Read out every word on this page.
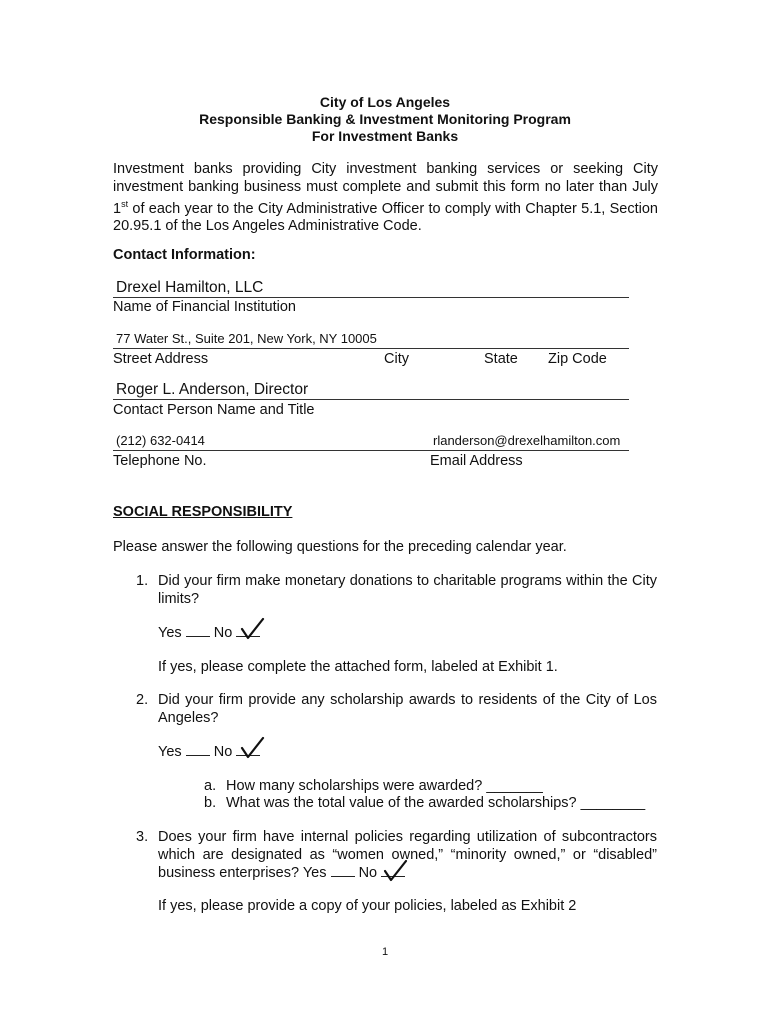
City of Los Angeles
Responsible Banking & Investment Monitoring Program
For Investment Banks
Investment banks providing City investment banking services or seeking City investment banking business must complete and submit this form no later than July 1st of each year to the City Administrative Officer to comply with Chapter 5.1, Section 20.95.1 of the Los Angeles Administrative Code.
Contact Information:
Drexel Hamilton, LLC
Name of Financial Institution
77 Water St., Suite 201, New York, NY 10005
Street Address	City	State Zip Code
Roger L. Anderson, Director
Contact Person Name and Title
(212) 632-0414	rlanderson@drexelhamilton.com
Telephone No.	Email Address
SOCIAL RESPONSIBILITY
Please answer the following questions for the preceding calendar year.
1. Did your firm make monetary donations to charitable programs within the City limits?
Yes No
If yes, please complete the attached form, labeled at Exhibit 1.
2. Did your firm provide any scholarship awards to residents of the City of Los Angeles?
Yes No
a. How many scholarships were awarded? _______
b. What was the total value of the awarded scholarships? ________
3. Does your firm have internal policies regarding utilization of subcontractors which are designated as “women owned,” “minority owned,” or “disabled” business enterprises? Yes No
If yes, please provide a copy of your policies, labeled as Exhibit 2
1
